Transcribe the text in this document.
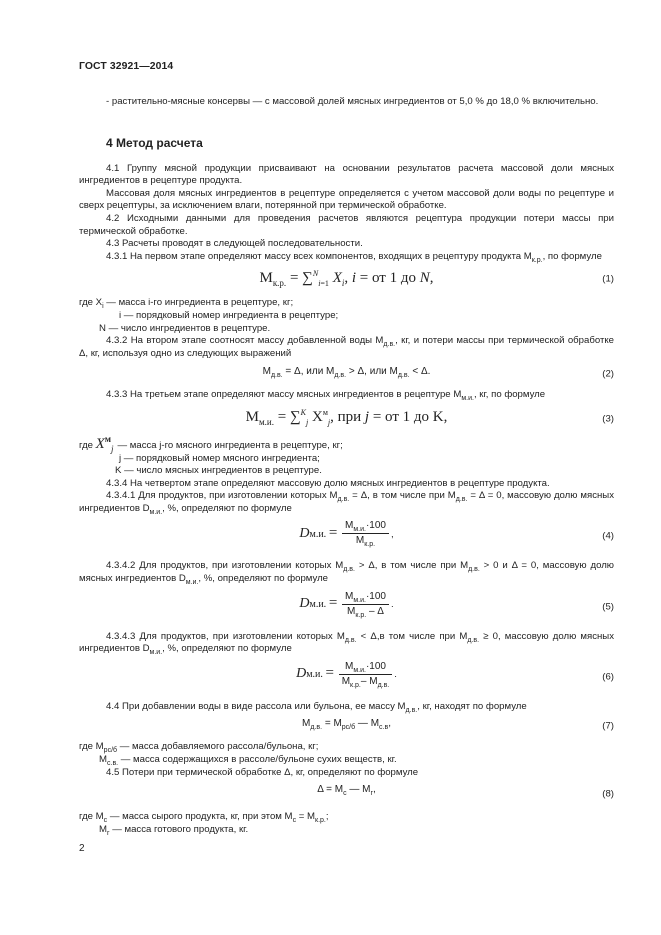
ГОСТ 32921—2014

- растительно-мясные консервы — с массовой долей мясных ингредиентов от 5,0 % до 18,0 % включительно.

4 Метод расчета

4.1 Группу мясной продукции присваивают на основании результатов расчета массовой доли мясных ингредиентов в рецептуре продукта.

Массовая доля мясных ингредиентов в рецептуре определяется с учетом массовой доли воды по рецептуре и сверх рецептуры, за исключением влаги, потерянной при термической обработке.

4.2 Исходными данными для проведения расчетов являются рецептура продукции потери массы при термической обработке.

4.3 Расчеты проводят в следующей последовательности.

4.3.1 На первом этапе определяют массу всех компонентов, входящих в рецептуру продукта $М_{к.р.}$, по формуле

$М_{к.р.} = \sum^N_{i=1}$ $X_i$, i = от 1 до N,	(1)

где $X_i$ — масса i-го ингредиента в рецептуре, кг;

i — порядковый номер ингредиента в рецептуре;

N — число ингредиентов в рецептуре.

4.3.2 На втором этапе соотносят массу добавленной воды $М_{д.в.}$, кг, и потери массы при термической обработке Δ, кг, используя одно из следующих выражений

$М_{д.в.} = \Delta$, или $М_{д.в.} > \Delta$, или $М_{д.в.} < \Delta$.	(2)

4.3.3 На третьем этапе определяют массу мясных ингредиентов в рецептуре $М_{м.и.}$, кг, по формуле

$М_{м.и.} = \sum^K_j$ $X^м_j$, при j = от 1 до K,	(3)

где $X^м_j$ — масса j-го мясного ингредиента в рецептуре, кг;

j — порядковый номер мясного ингредиента;

K — число мясных ингредиентов в рецептуре.

4.3.4 На четвертом этапе определяют массовую долю мясных ингредиентов в рецептуре продукта.

4.3.4.1 Для продуктов, при изготовлении которых $М_{д.в.} = \Delta$, в том числе при $М_{д.в.} = \Delta = 0$, массовую долю мясных ингредиентов $D_{м.и.}$, %, определяют по формуле

Dм.и. = $\frac{М_{м.и.}\cdot 100}{М_{к.р.}}$ ,	(4)

4.3.4.2 Для продуктов, при изготовлении которых $М_{д.в.} > \Delta$, в том числе при $М_{д.в.} > 0$ и Δ = 0, массовую долю мясных ингредиентов $D_{м.и.}$, %, определяют по формуле

Dм.и. = $\frac{М_{м.и.}\cdot 100}{М_{к.р.} - \Delta}$ .	(5)

4.3.4.3 Для продуктов, при изготовлении которых $М_{д.в.} < \Delta,в$ том числе при $М_{д.в.} \ge 0$, массовую долю мясных ингредиентов $D_{м.и.}$, %, определяют по формуле

Dм.и. = $\frac{М_{м.и.}\cdot 100}{М_{к.р.}- М_{д.в.}}$ .	(6)

4.4 При добавлении воды в виде рассола или бульона, ее массу $М_{д.в.}$, кг, находят по формуле

$М_{д.в.} = М_{рс/б}$ — $М_{с.в}$,	(7)

где $М_{рс/б}$ — масса добавляемого рассола/бульона, кг;

$М_{с.в.}$ — масса содержащихся в рассоле/бульоне сухих веществ, кг.

4.5 Потери при термической обработке Δ, кг, определяют по формуле

$\Delta = М_с$ — $М_г$,	(8)

где $М_с$ — масса сырого продукта, кг, при этом $М_с = М_{к.р.}$;

$М_г$ — масса готового продукта, кг.

2
